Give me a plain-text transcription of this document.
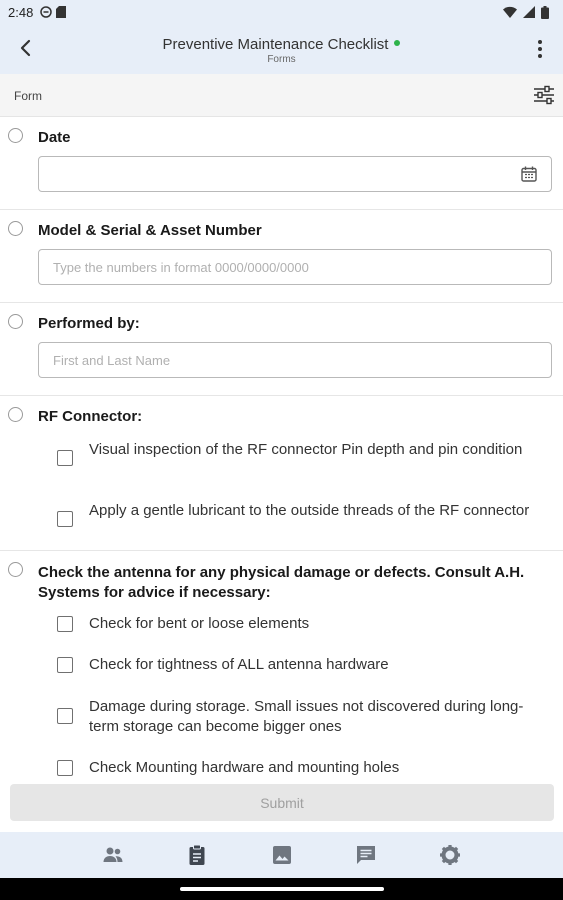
2:48
Preventive Maintenance Checklist
Forms
Form
Date
Model & Serial & Asset Number
Type the numbers in format 0000/0000/0000
Performed by:
First and Last Name
RF Connector:
Visual inspection of the RF connector Pin depth and pin condition
Apply a gentle lubricant to the outside threads of the RF connector
Check the antenna for any physical damage or defects. Consult A.H. Systems for advice if necessary:
Check for bent or loose elements
Check for tightness of ALL antenna hardware
Damage during storage. Small issues not discovered during long-term storage can become bigger ones
Check Mounting hardware and mounting holes
Submit
